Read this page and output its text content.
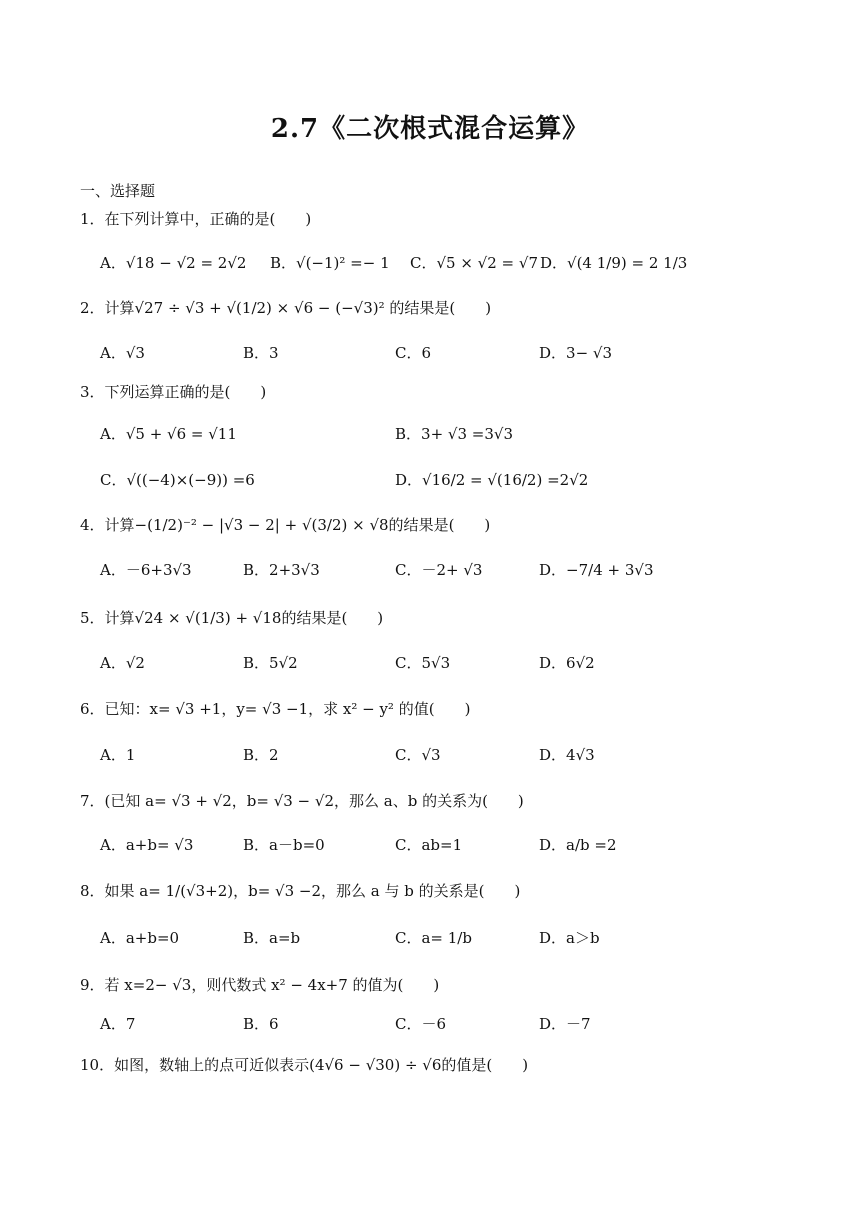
2.7《二次根式混合运算》
一、选择题
1．在下列计算中，正确的是(　　)
A．√18 − √2 = 2√2 B．√(−1)² =− 1 C．√5 × √2 = √7 D．√(4 1/9) = 2 1/3
2．计算√27 ÷ √3 + √(1/2) × √6 − (−√3)² 的结果是(　　)
A．√3	B．3	C．6	D．3− √3
3．下列运算正确的是(　　)
A．√5 + √6 = √11	B．3+ √3 =3√3
C．√((−4)×(−9)) =6	D．√16/2 = √(16/2) =2√2
4．计算−(1/2)⁻² − |√3 − 2| + √(3/2) × √8的结果是(　　)
A．－6+3√3	B．2+3√3	C．－2+ √3	D．−7/4 + 3√3
5．计算√24 × √(1/3) + √18的结果是(　　)
A．√2	B．5√2	C．5√3	D．6√2
6．已知：x= √3 +1，y= √3 −1，求 x² − y² 的值(　　)
A．1	B．2	C．√3	D．4√3
7．(已知 a= √3 + √2，b= √3 − √2，那么 a、b 的关系为(　　)
A．a+b= √3	B．a－b=0	C．ab=1	D．a/b =2
8．如果 a= 1/(√3+2)，b= √3 −2，那么 a 与 b 的关系是(　　)
A．a+b=0	B．a=b	C．a= 1/b	D．a＞b
9．若 x=2− √3，则代数式 x² − 4x+7 的值为(　　)
A．7	B．6	C．－6	D．－7
10．如图，数轴上的点可近似表示(4√6 − √30) ÷ √6的值是(　　)
